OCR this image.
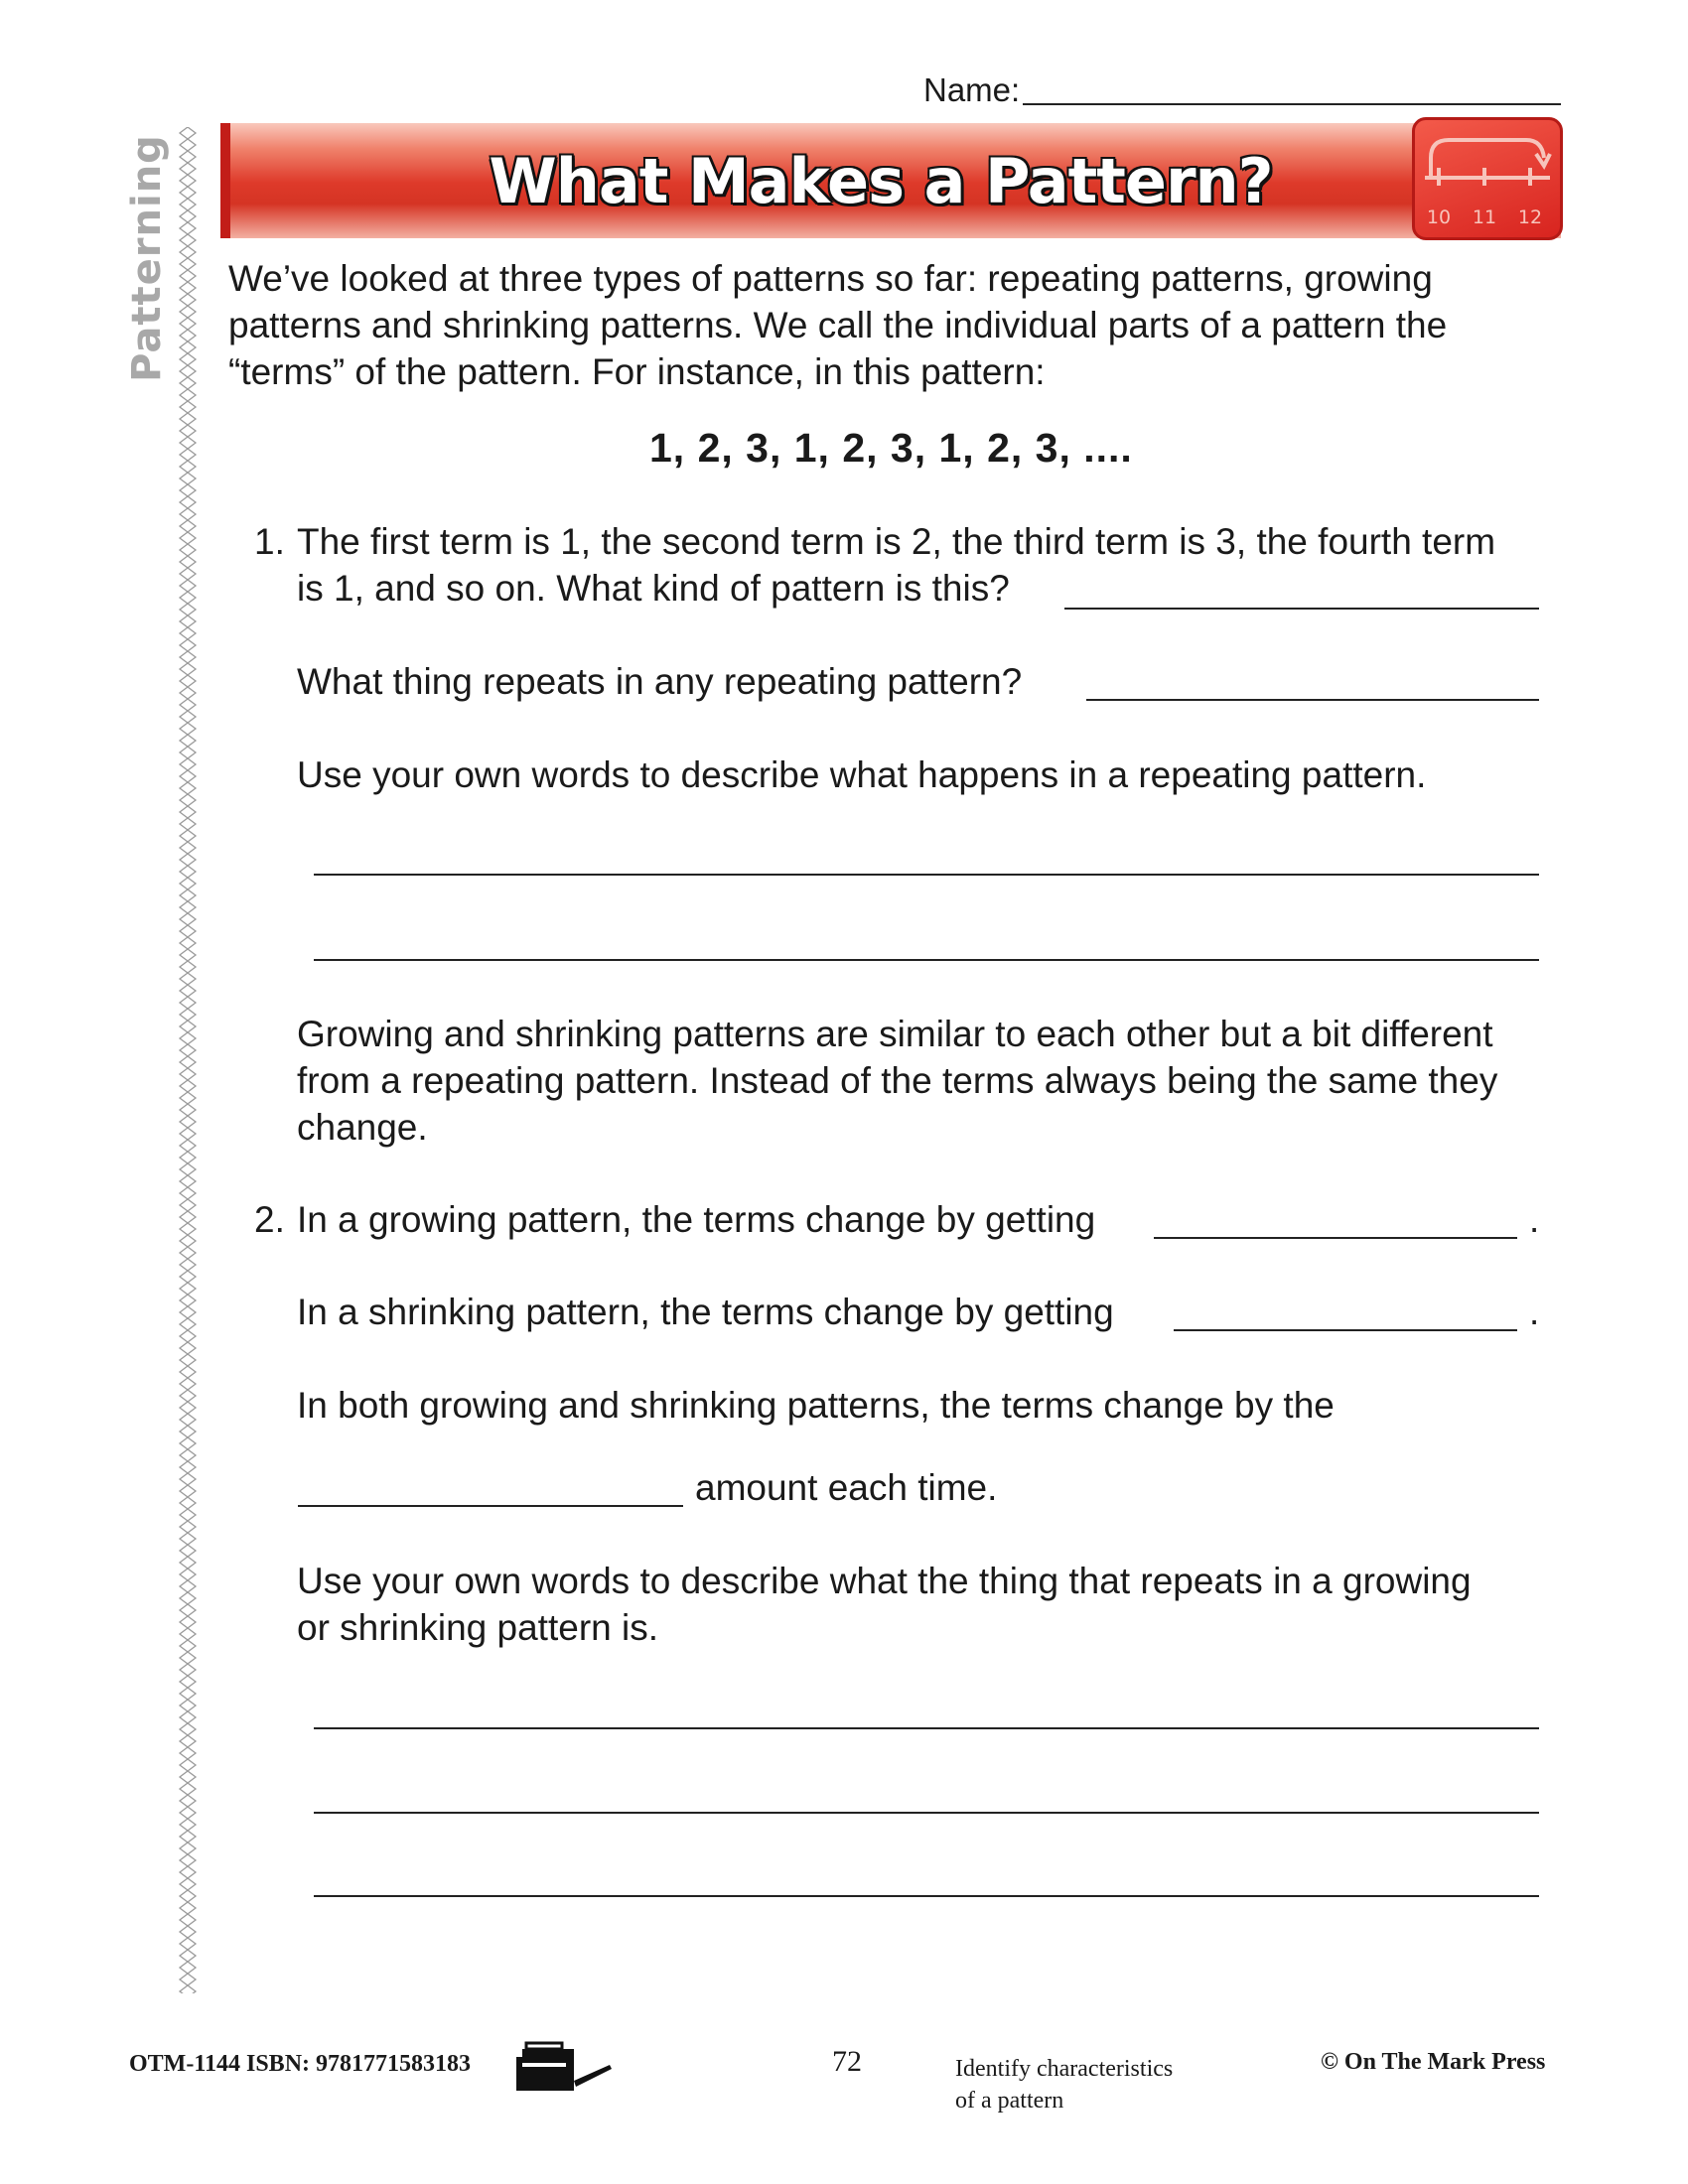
Name:
Patterning	What Makes a Pattern?
10 11 12
We’ve looked at three types of patterns so far: repeating patterns, growing
patterns and shrinking patterns. We call the individual parts of a pattern the
“terms” of the pattern. For instance, in this pattern:
1, 2, 3, 1, 2, 3, 1, 2, 3, ....
1. The first term is 1, the second term is 2, the third term is 3, the fourth term
is 1, and so on. What kind of pattern is this?
What thing repeats in any repeating pattern?
Use your own words to describe what happens in a repeating pattern.
Growing and shrinking patterns are similar to each other but a bit different
from a repeating pattern. Instead of the terms always being the same they
change.
2. In a growing pattern, the terms change by getting	.
In a shrinking pattern, the terms change by getting	.
In both growing and shrinking patterns, the terms change by the
amount each time.
Use your own words to describe what the thing that repeats in a growing
or shrinking pattern is.
OTM-1144 ISBN: 9781771583183	72	Identify characteristics
of a pattern
© On The Mark Press
